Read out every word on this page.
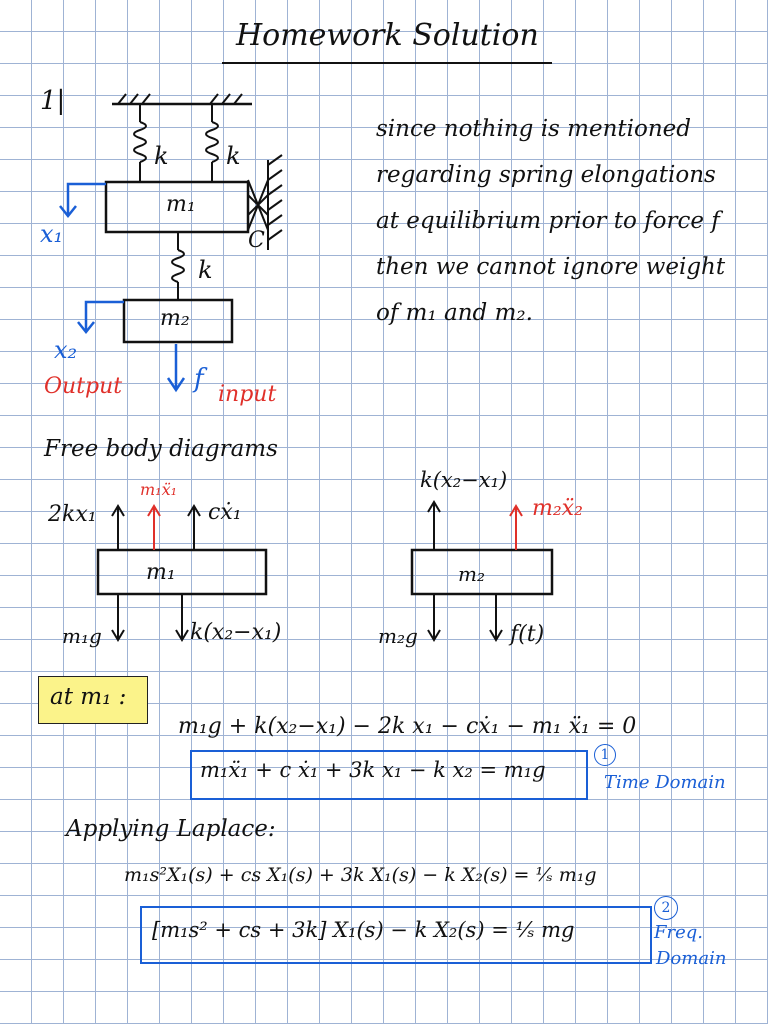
Homework Solution
1|
k k
k
m₁
m₂
C
x₁
x₂
Output	f
input
since nothing is mentioned
regarding spring elongations
at equilibrium prior to force f
then we cannot ignore weight
of m₁ and m₂.
Free body diagrams
m₁
2kx₁
m₁ẍ₁
cẋ₁
m₁g	k(x₂−x₁)
m₂
k(x₂−x₁)
m₂ẍ₂
m₂g	f(t)
at m₁ :
m₁g + k(x₂−x₁) − 2k x₁ − cẋ₁ − m₁ ẍ₁ = 0
m₁ẍ₁ + c ẋ₁ + 3k x₁ − k x₂ = m₁g
1
Time Domain
Applying Laplace:
m₁s²X₁(s) + cs X₁(s) + 3k X₁(s) − k X₂(s) = ¹⁄ₛ m₁g
[m₁s² + cs + 3k] X₁(s) − k X₂(s) = ¹⁄ₛ mg
2
Freq.
Domain
